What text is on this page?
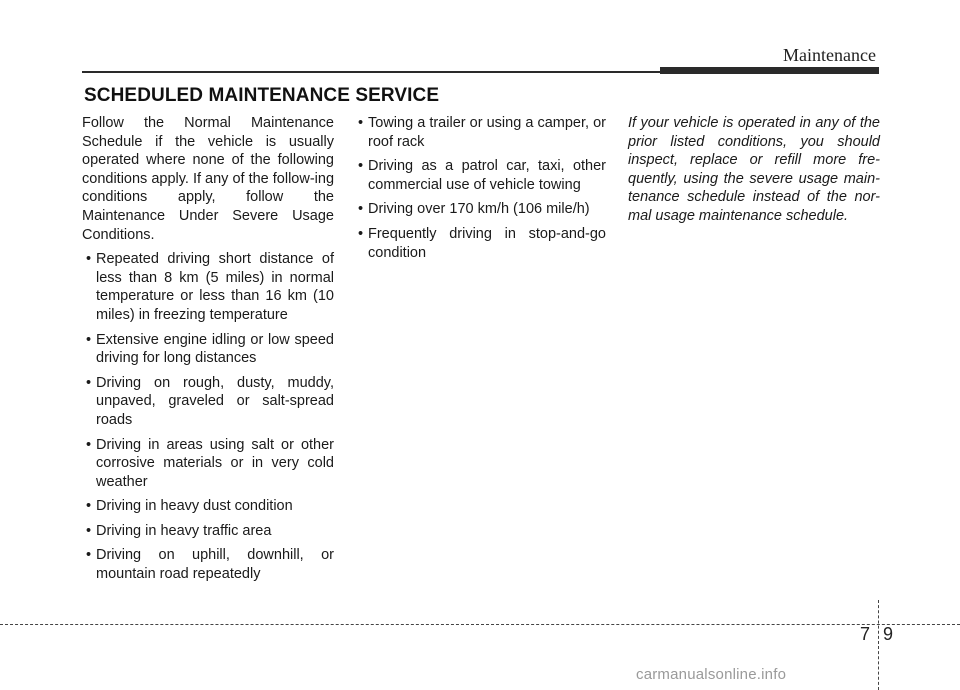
Maintenance
SCHEDULED MAINTENANCE SERVICE

Follow the Normal Maintenance Schedule if the vehicle is usually operated where none of the following conditions apply. If any of the follow-ing conditions apply, follow the Maintenance Under Severe Usage Conditions.

• Repeated driving short distance of less than 8 km (5 miles) in normal temperature or less than 16 km (10 miles) in freezing temperature
• Extensive engine idling or low speed driving for long distances
• Driving on rough, dusty, muddy, unpaved, graveled or salt-spread roads
• Driving in areas using salt or other corrosive materials or in very cold weather
• Driving in heavy dust condition
• Driving in heavy traffic area
• Driving on uphill, downhill, or mountain road repeatedly
• Towing a trailer or using a camper, or roof rack
• Driving as a patrol car, taxi, other commercial use of vehicle towing
• Driving over 170 km/h (106 mile/h)
• Frequently driving in stop-and-go condition

If your vehicle is operated in any of the prior listed conditions, you should inspect, replace or refill more fre-quently, using the severe usage main-tenance schedule instead of the nor-mal usage maintenance schedule.

7 9
carmanualsonline.info
